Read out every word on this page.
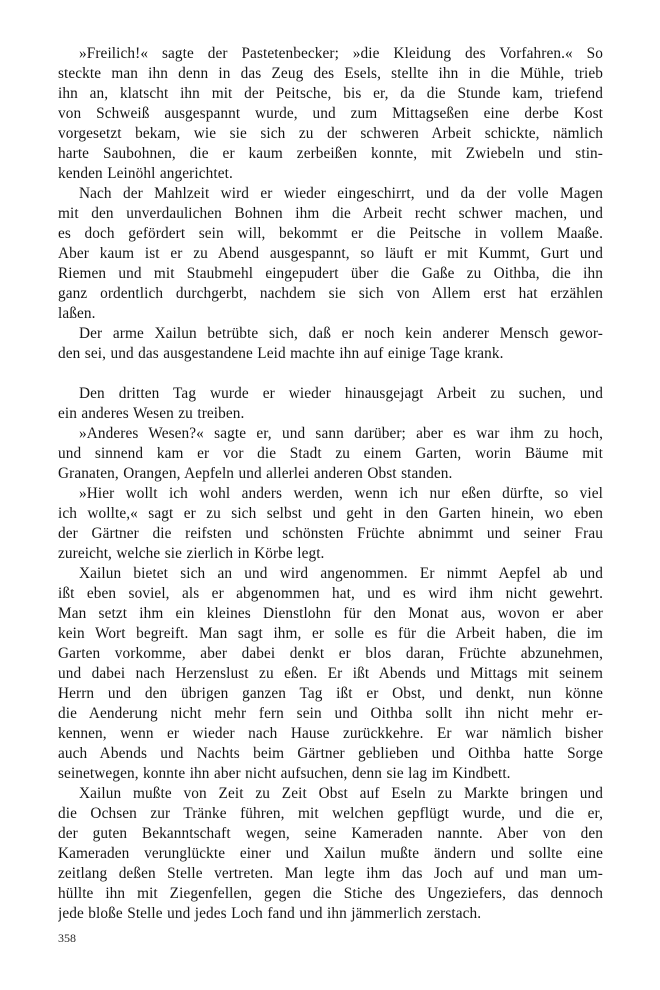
»Freilich!« sagte der Pastetenbecker; »die Kleidung des Vorfahren.« So
steckte man ihn denn in das Zeug des Esels, stellte ihn in die Mühle, trieb
ihn an, klatscht ihn mit der Peitsche, bis er, da die Stunde kam, triefend
von Schweiß ausgespannt wurde, und zum Mittagseßen eine derbe Kost
vorgesetzt bekam, wie sie sich zu der schweren Arbeit schickte, nämlich
harte Saubohnen, die er kaum zerbeißen konnte, mit Zwiebeln und stin-
kenden Leinöhl angerichtet.
Nach der Mahlzeit wird er wieder eingeschirrt, und da der volle Magen
mit den unverdaulichen Bohnen ihm die Arbeit recht schwer machen, und
es doch gefördert sein will, bekommt er die Peitsche in vollem Maaße.
Aber kaum ist er zu Abend ausgespannt, so läuft er mit Kummt, Gurt und
Riemen und mit Staubmehl eingepudert über die Gaße zu Oithba, die ihn
ganz ordentlich durchgerbt, nachdem sie sich von Allem erst hat erzählen
laßen.
Der arme Xailun betrübte sich, daß er noch kein anderer Mensch gewor-
den sei, und das ausgestandene Leid machte ihn auf einige Tage krank.
Den dritten Tag wurde er wieder hinausgejagt Arbeit zu suchen, und
ein anderes Wesen zu treiben.
»Anderes Wesen?« sagte er, und sann darüber; aber es war ihm zu hoch,
und sinnend kam er vor die Stadt zu einem Garten, worin Bäume mit
Granaten, Orangen, Aepfeln und allerlei anderen Obst standen.
»Hier wollt ich wohl anders werden, wenn ich nur eßen dürfte, so viel
ich wollte,« sagt er zu sich selbst und geht in den Garten hinein, wo eben
der Gärtner die reifsten und schönsten Früchte abnimmt und seiner Frau
zureicht, welche sie zierlich in Körbe legt.
Xailun bietet sich an und wird angenommen. Er nimmt Aepfel ab und
ißt eben soviel, als er abgenommen hat, und es wird ihm nicht gewehrt.
Man setzt ihm ein kleines Dienstlohn für den Monat aus, wovon er aber
kein Wort begreift. Man sagt ihm, er solle es für die Arbeit haben, die im
Garten vorkomme, aber dabei denkt er blos daran, Früchte abzunehmen,
und dabei nach Herzenslust zu eßen. Er ißt Abends und Mittags mit seinem
Herrn und den übrigen ganzen Tag ißt er Obst, und denkt, nun könne
die Aenderung nicht mehr fern sein und Oithba sollt ihn nicht mehr er-
kennen, wenn er wieder nach Hause zurückkehre. Er war nämlich bisher
auch Abends und Nachts beim Gärtner geblieben und Oithba hatte Sorge
seinetwegen, konnte ihn aber nicht aufsuchen, denn sie lag im Kindbett.
Xailun mußte von Zeit zu Zeit Obst auf Eseln zu Markte bringen und
die Ochsen zur Tränke führen, mit welchen gepflügt wurde, und die er,
der guten Bekanntschaft wegen, seine Kameraden nannte. Aber von den
Kameraden verunglückte einer und Xailun mußte ändern und sollte eine
zeitlang deßen Stelle vertreten. Man legte ihm das Joch auf und man um-
hüllte ihn mit Ziegenfellen, gegen die Stiche des Ungeziefers, das dennoch
jede bloße Stelle und jedes Loch fand und ihn jämmerlich zerstach.
358
